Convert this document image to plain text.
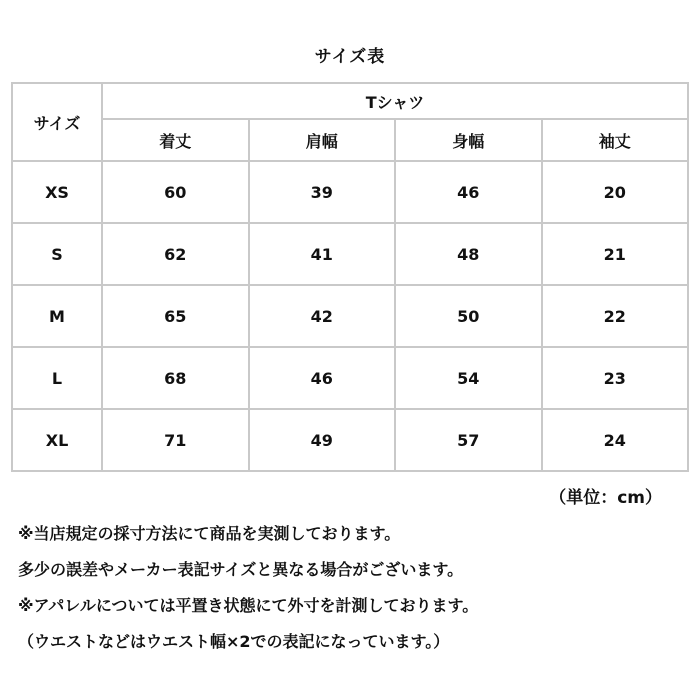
サイズ表
サイズ	Tシャツ			
	着丈	肩幅	身幅	袖丈
XS	60	39	46	20
S	62	41	48	21
M	65	42	50	22
L	68	46	54	23
XL	71	49	57	24
（単位：cm）
※当店規定の採寸方法にて商品を実測しております。
多少の誤差やメーカー表記サイズと異なる場合がございます。
※アパレルについては平置き状態にて外寸を計測しております。
（ウエストなどはウエスト幅×2での表記になっています。）
